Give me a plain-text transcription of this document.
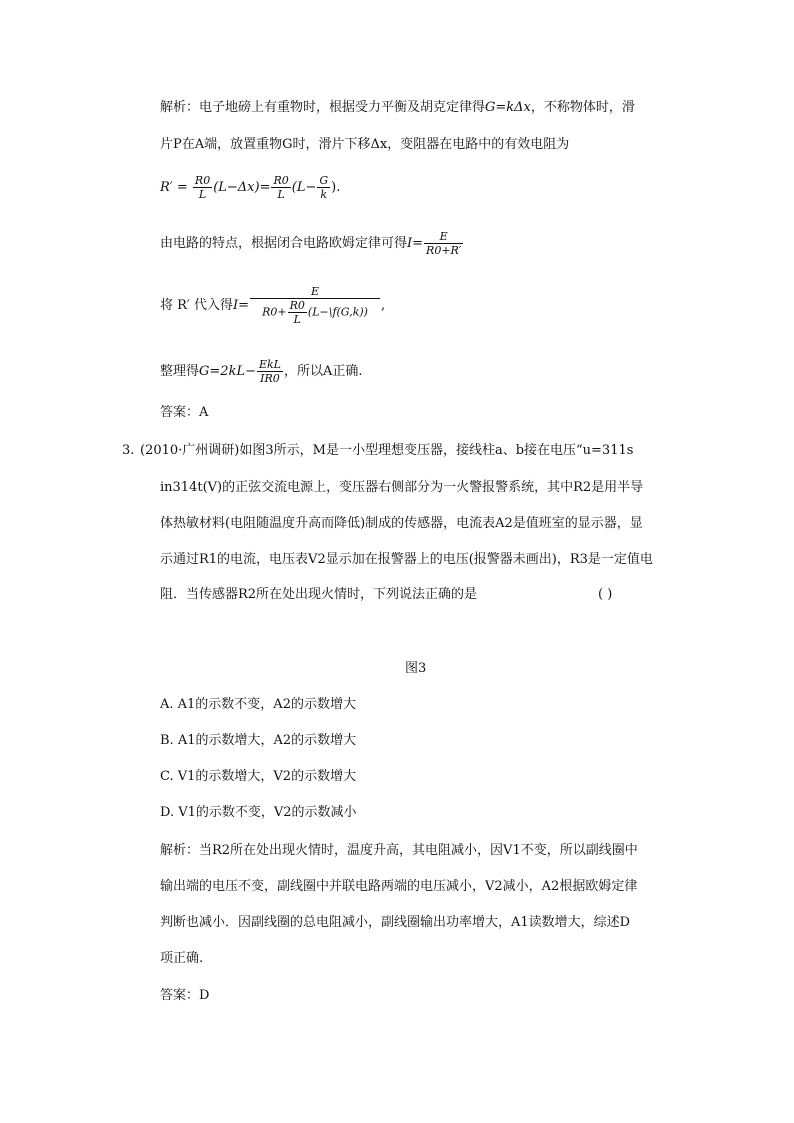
解析：电子地磅上有重物时，根据受力平衡及胡克定律得G=kΔx，不称物体时，滑
片P在A端，放置重物G时，滑片下移Δx，变阻器在电路中的有效电阻为
$R' = \frac{R0}{L} (L-\Delta x)= \frac{R0}{L} (L- \frac{G}{k}$ ).
由电路的特点，根据闭合电路欧姆定律可得$I= \frac{E}{R0+R'}$
将 R′ 代入得$I= \frac{E}{R0+ \frac{R0}{L} (L-\backslash f(G,k))}$ ,
整理得$G=2kL- \frac{\text{EkL}}{IR0}$ ，所以A正确.
答案：A
3. (2010·广州调研)如图3所示，M是一小型理想变压器，接线柱a、b接在电压“u=311s
in314t(V)的正弦交流电源上，变压器右侧部分为一火警报警系统，其中R2是用半导
体热敏材料(电阻随温度升高而降低)制成的传感器，电流表A2是值班室的显示器，显
示通过R1的电流，电压表V2显示加在报警器上的电压(报警器未画出)，R3是一定值电
阻．当传感器R2所在处出现火情时，下列说法正确的是	( )
图3
A. A1的示数不变，A2的示数增大
B. A1的示数增大，A2的示数增大
C. V1的示数增大，V2的示数增大
D. V1的示数不变，V2的示数减小
解析：当R2所在处出现火情时，温度升高，其电阻减小，因V1不变，所以副线圈中
输出端的电压不变，副线圈中并联电路两端的电压减小，V2减小，A2根据欧姆定律
判断也减小．因副线圈的总电阻减小，副线圈输出功率增大，A1读数增大，综述D
项正确.
答案：D
